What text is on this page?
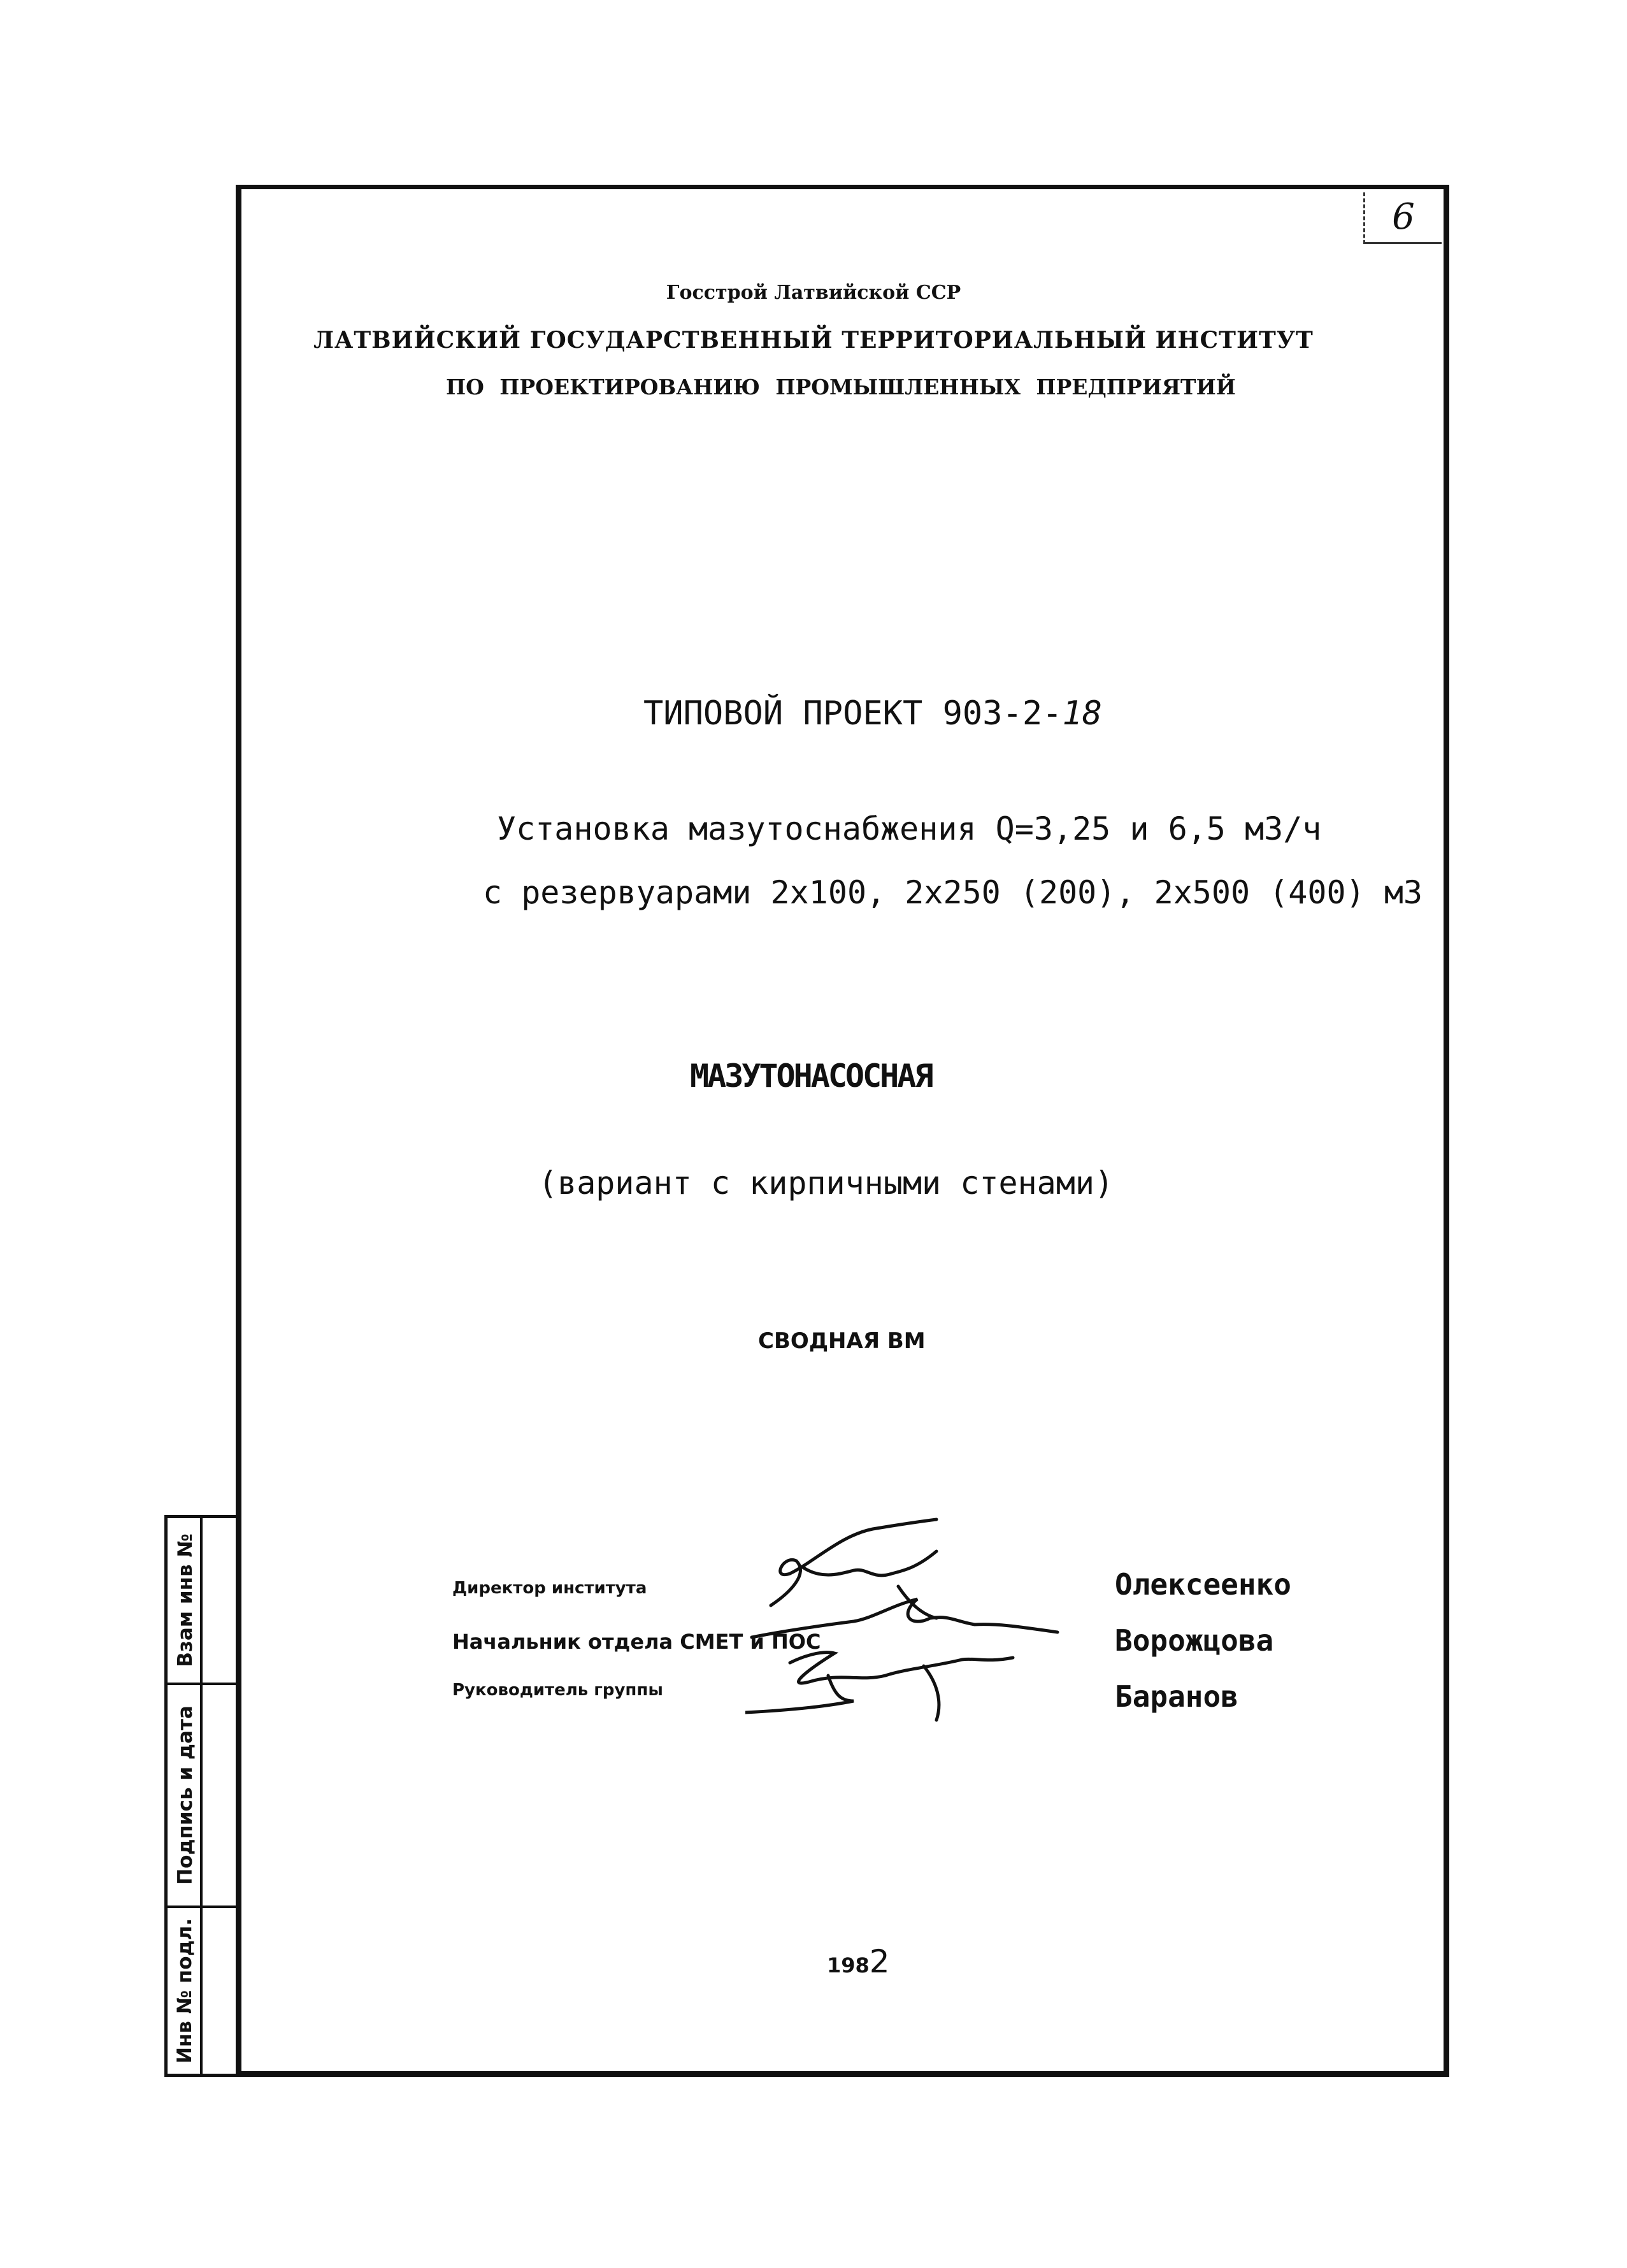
6
Взам инв №
Подпись и дата
Инв № подл.
Госстрой Латвийской ССР
ЛАТВИЙСКИЙ ГОСУДАРСТВЕННЫЙ ТЕРРИТОРИАЛЬНЫЙ ИНСТИТУТ
ПО ПРОЕКТИРОВАНИЮ ПРОМЫШЛЕННЫХ ПРЕДПРИЯТИЙ
ТИПОВОЙ ПРОЕКТ 903-2-18
Установка мазутоснабжения Q=3,25 и 6,5 м3/ч
с резервуарами 2x100, 2x250 (200), 2x500 (400) м3
МАЗУТОНАСОСНАЯ
(вариант с кирпичными стенами)
СВОДНАЯ ВМ
Директор института
Начальник отдела СМЕТ и ПОС
Руководитель группы
Олексеенко
Ворожцова
Баранов
1982
